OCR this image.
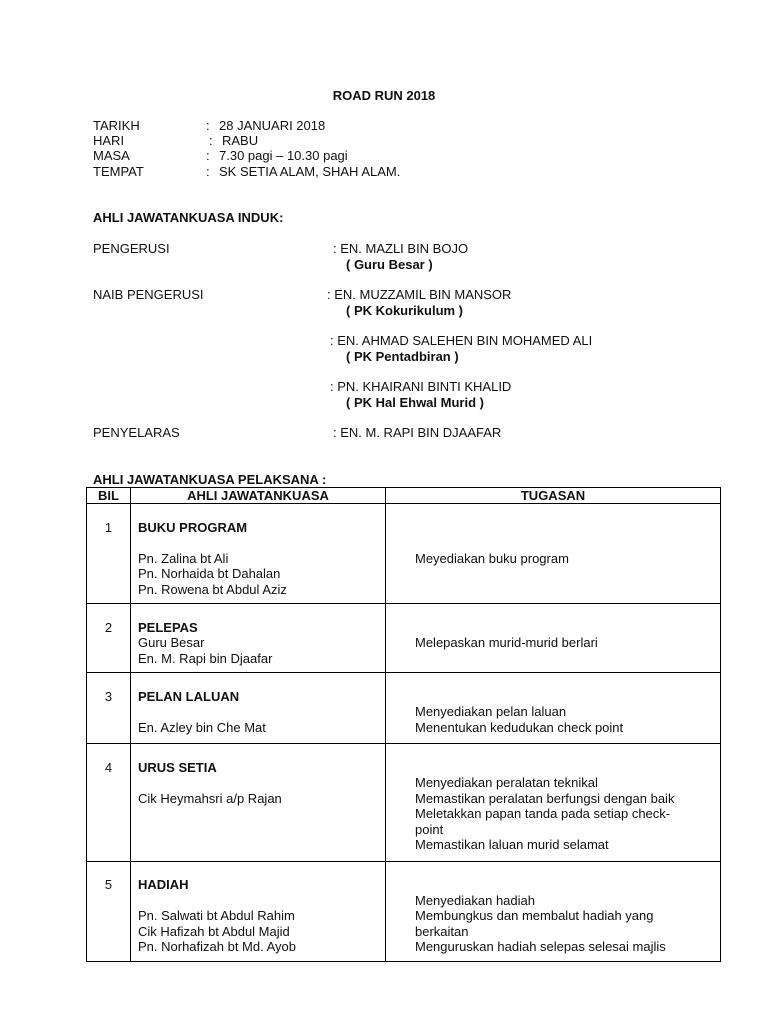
ROAD RUN 2018
TARIKH	: 28 JANUARI 2018
HARI	: RABU
MASA	: 7.30 pagi – 10.30 pagi
TEMPAT	: SK SETIA ALAM, SHAH ALAM.
AHLI JAWATANKUASA INDUK:
PENGERUSI	: EN. MAZLI BIN BOJO
( Guru Besar )
NAIB PENGERUSI	: EN. MUZZAMIL BIN MANSOR
( PK Kokurikulum )
: EN. AHMAD SALEHEN BIN MOHAMED ALI
( PK Pentadbiran )
: PN. KHAIRANI BINTI KHALID
( PK Hal Ehwal Murid )
PENYELARAS	: EN. M. RAPI BIN DJAAFAR
AHLI JAWATANKUASA PELAKSANA :
BIL	AHLI JAWATANKUASA	TUGASAN

1	BUKU PROGRAM
Pn. Zalina bt Ali
Pn. Norhaida bt Dahalan
Pn. Rowena bt Abdul Aziz	Meyediakan buku program

2	PELEPAS
Guru Besar
En. M. Rapi bin Djaafar	Melepaskan murid-murid berlari

3	PELAN LALUAN
En. Azley bin Che Mat	Menyediakan pelan laluan
Menentukan kedudukan check point

4	URUS SETIA
Cik Heymahsri a/p Rajan	Menyediakan peralatan teknikal
Memastikan peralatan berfungsi dengan baik
Meletakkan papan tanda pada setiap check-
point
Memastikan laluan murid selamat

5	HADIAH
Pn. Salwati bt Abdul Rahim
Cik Hafizah bt Abdul Majid
Pn. Norhafizah bt Md. Ayob	Menyediakan hadiah
Membungkus dan membalut hadiah yang
berkaitan
Menguruskan hadiah selepas selesai majlis
